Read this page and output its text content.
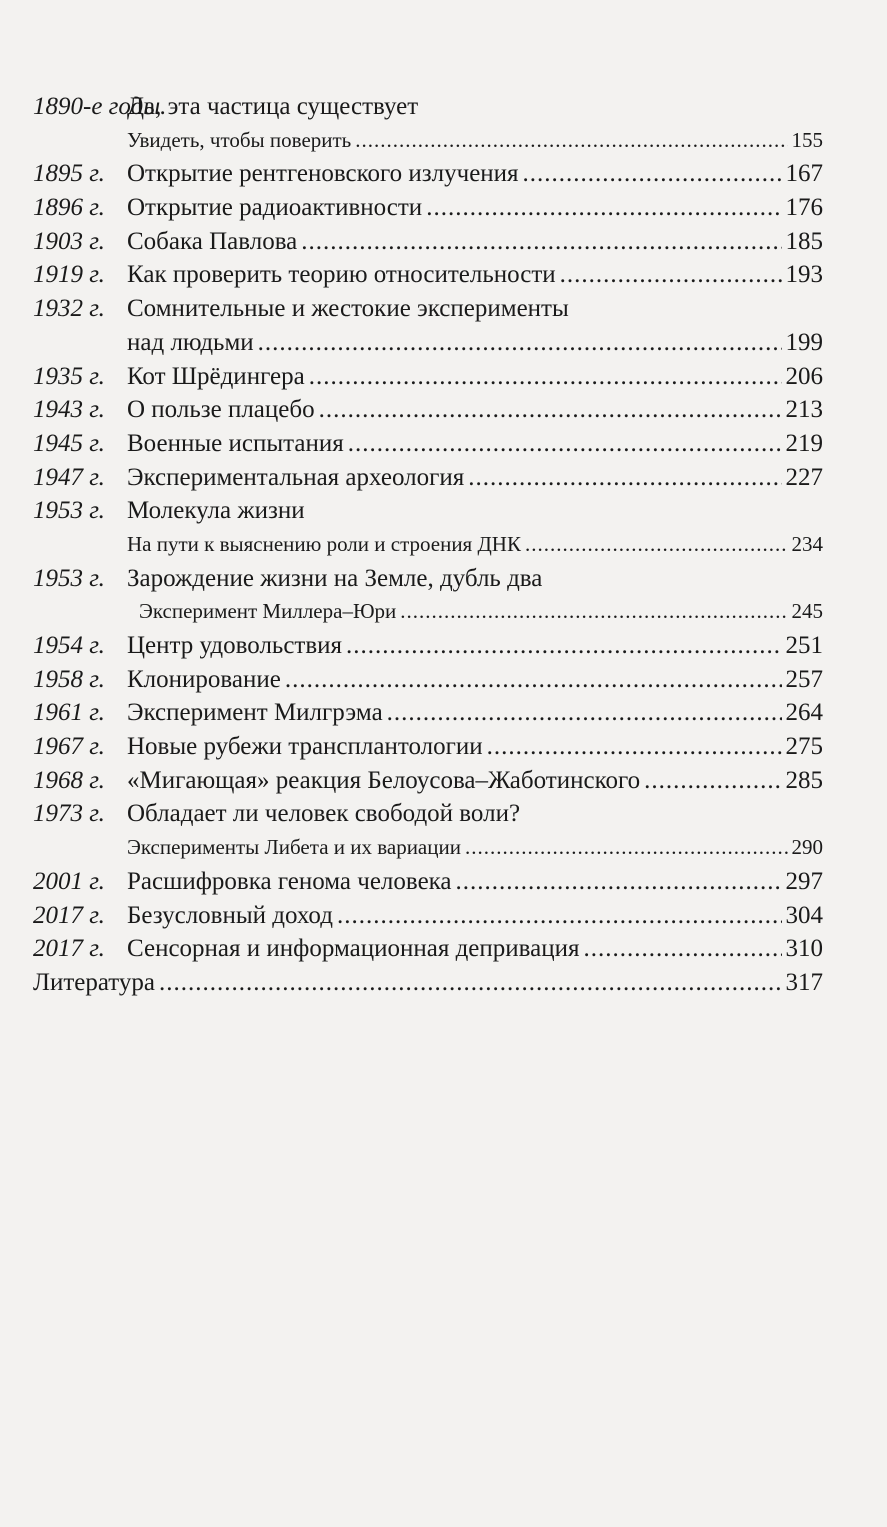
1890-е годы.
Да, эта частица существует
Увидеть, чтобы поверить .....	155
1895 г. Открытие рентгеновского излучения .....	167
1896 г. Открытие радиоактивности .....	176
1903 г. Собака Павлова .....	185
1919 г. Как проверить теорию относительности .....	193
1932 г. Сомнительные и жестокие эксперименты
над людьми .....	199
1935 г. Кот Шрёдингера .....	206
1943 г. О пользе плацебо .....	213
1945 г. Военные испытания .....	219
1947 г. Экспериментальная археология .....	227
1953 г. Молекула жизни
На пути к выяснению роли и строения ДНК .....	234
1953 г. Зарождение жизни на Земле, дубль два
Эксперимент Миллера–Юри .....	245
1954 г. Центр удовольствия .....	251
1958 г. Клонирование .....	257
1961 г. Эксперимент Милгрэма .....	264
1967 г. Новые рубежи трансплантологии .....	275
1968 г. «Мигающая» реакция Белоусова–Жаботинского .....	285
1973 г. Обладает ли человек свободой воли?
Эксперименты Либета и их вариации .....	290
2001 г. Расшифровка генома человека .....	297
2017 г. Безусловный доход .....	304
2017 г. Сенсорная и информационная депривация .....	310
Литература .....	317
